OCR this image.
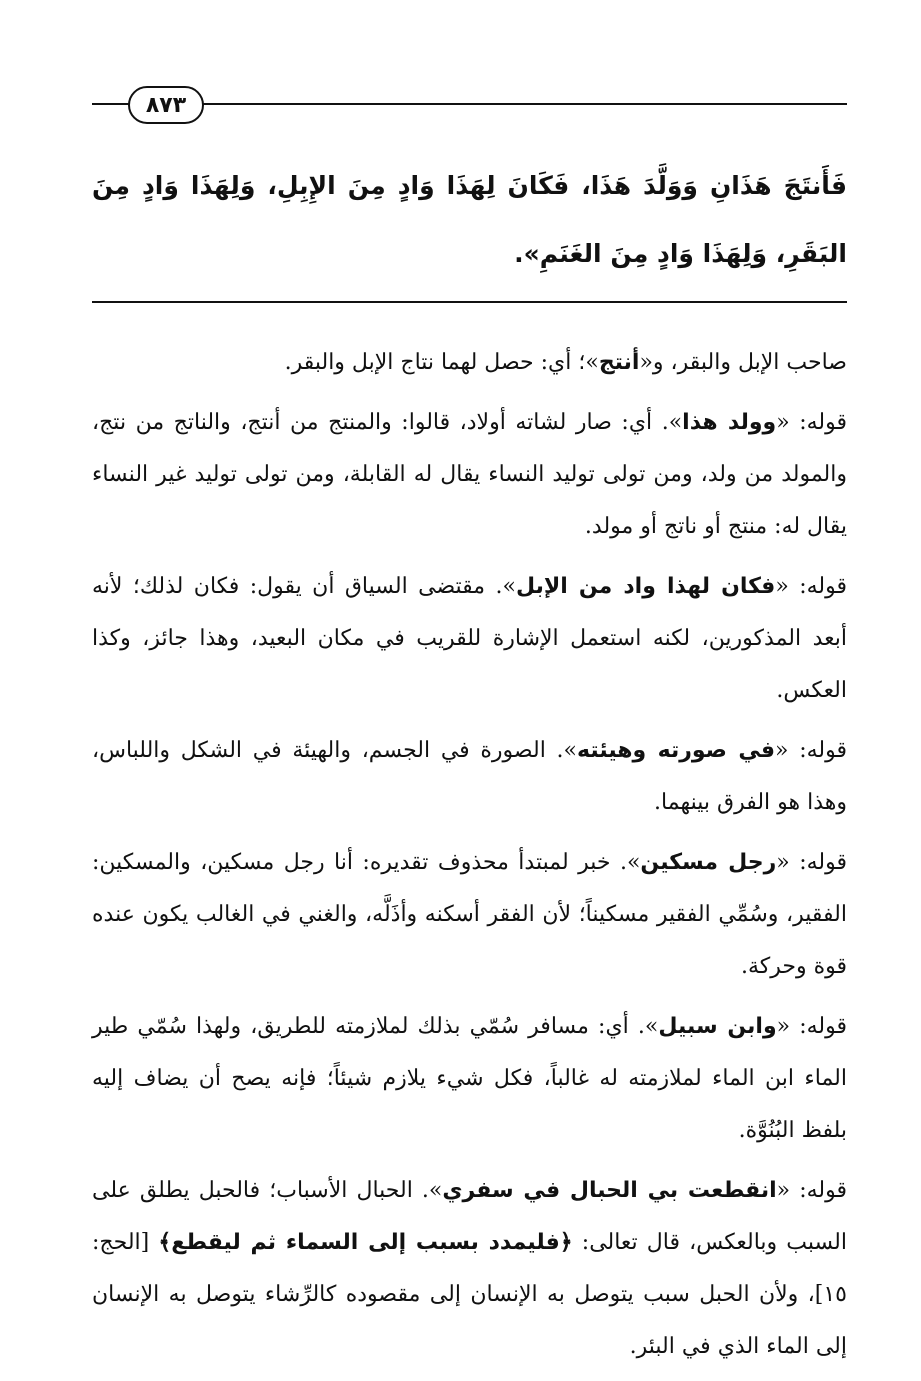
٨٧٣
فَأَنتَجَ هَذَانِ وَوَلَّدَ هَذَا، فَكَانَ لِهَذَا وَادٍ مِنَ الإِبِلِ، وَلِهَذَا وَادٍ مِنَ البَقَرِ، وَلِهَذَا وَادٍ مِنَ الغَنَمِ».

صاحب الإبل والبقر، و«أنتج»؛ أي: حصل لهما نتاج الإبل والبقر.

قوله: «وولد هذا». أي: صار لشاته أولاد، قالوا: والمنتج من أنتج، والناتج من نتج، والمولد من ولد، ومن تولى توليد النساء يقال له القابلة، ومن تولى توليد غير النساء يقال له: منتج أو ناتج أو مولد.

قوله: «فكان لهذا واد من الإبل». مقتضى السياق أن يقول: فكان لذلك؛ لأنه أبعد المذكورين، لكنه استعمل الإشارة للقريب في مكان البعيد، وهذا جائز، وكذا العكس.

قوله: «في صورته وهيئته». الصورة في الجسم، والهيئة في الشكل واللباس، وهذا هو الفرق بينهما.

قوله: «رجل مسكين». خبر لمبتدأ محذوف تقديره: أنا رجل مسكين، والمسكين: الفقير، وسُمِّي الفقير مسكيناً؛ لأن الفقر أسكنه وأذَلَّه، والغني في الغالب يكون عنده قوة وحركة.

قوله: «وابن سبيل». أي: مسافر سُمّي بذلك لملازمته للطريق، ولهذا سُمّي طير الماء ابن الماء لملازمته له غالباً، فكل شيء يلازم شيئاً؛ فإنه يصح أن يضاف إليه بلفظ البُنُوَّة.

قوله: «انقطعت بي الحبال في سفري». الحبال الأسباب؛ فالحبل يطلق على السبب وبالعكس، قال تعالى: ﴿فليمدد بسبب إلى السماء ثم ليقطع﴾ [الحج: ١٥]، ولأن الحبل سبب يتوصل به الإنسان إلى مقصوده كالرِّشاء يتوصل به الإنسان إلى الماء الذي في البئر.
